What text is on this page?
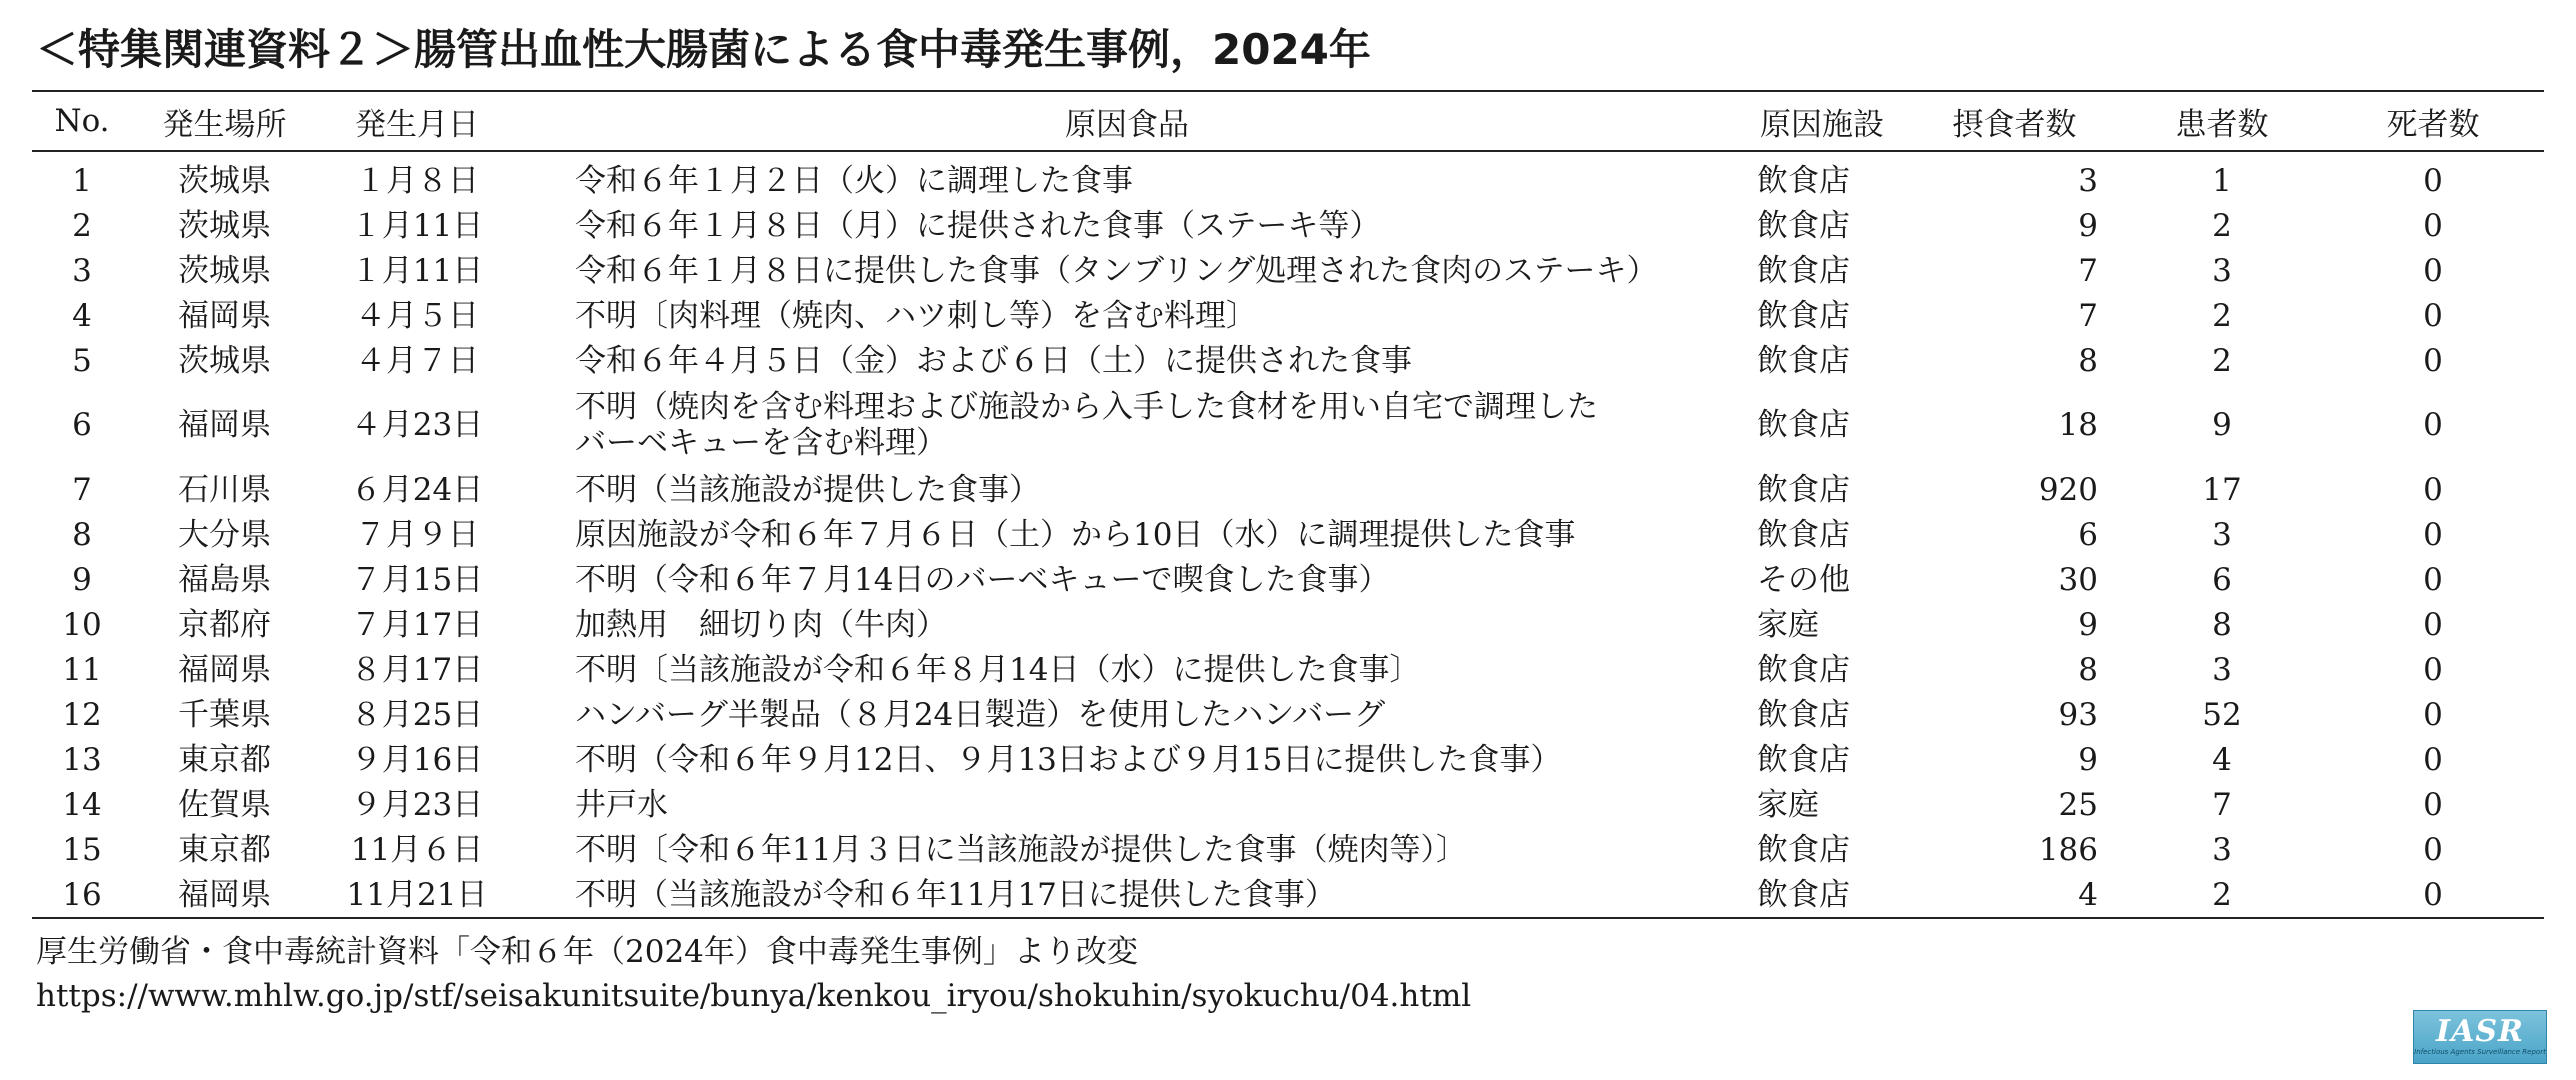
＜特集関連資料２＞腸管出血性大腸菌による食中毒発生事例，2024年
No.	発生場所	発生月日	原因食品	原因施設	摂食者数	患者数	死者数

1	茨城県	１月８日	令和６年１月２日（火）に調理した食事	飲食店	3	1	0
2	茨城県	１月11日	令和６年１月８日（月）に提供された食事（ステーキ等）	飲食店	9	2	0
3	茨城県	１月11日	令和６年１月８日に提供した食事（タンブリング処理された食肉のステーキ）	飲食店	7	3	0
4	福岡県	４月５日	不明〔肉料理（焼肉、ハツ刺し等）を含む料理〕	飲食店	7	2	0
5	茨城県	４月７日	令和６年４月５日（金）および６日（土）に提供された食事	飲食店	8	2	0
6	福岡県	４月23日	不明（焼肉を含む料理および施設から入手した食材を用い自宅で調理した
バーベキューを含む料理）	飲食店	18	9	0
7	石川県	６月24日	不明（当該施設が提供した食事）	飲食店	920	17	0
8	大分県	７月９日	原因施設が令和６年７月６日（土）から10日（水）に調理提供した食事	飲食店	6	3	0
9	福島県	７月15日	不明（令和６年７月14日のバーベキューで喫食した食事）	その他	30	6	0
10	京都府	７月17日	加熱用　細切り肉（牛肉）	家庭	9	8	0
11	福岡県	８月17日	不明〔当該施設が令和６年８月14日（水）に提供した食事〕	飲食店	8	3	0
12	千葉県	８月25日	ハンバーグ半製品（８月24日製造）を使用したハンバーグ	飲食店	93	52	0
13	東京都	９月16日	不明（令和６年９月12日、９月13日および９月15日に提供した食事）	飲食店	9	4	0
14	佐賀県	９月23日	井戸水	家庭	25	7	0
15	東京都	11月６日	不明〔令和６年11月３日に当該施設が提供した食事（焼肉等）〕	飲食店	186	3	0
16	福岡県	11月21日	不明（当該施設が令和６年11月17日に提供した食事）	飲食店	4	2	0
厚生労働省・食中毒統計資料「令和６年（2024年）食中毒発生事例」より改変
https://www.mhlw.go.jp/stf/seisakunitsuite/bunya/kenkou_iryou/shokuhin/syokuchu/04.html
IASR
Infectious Agents Surveillance Report
